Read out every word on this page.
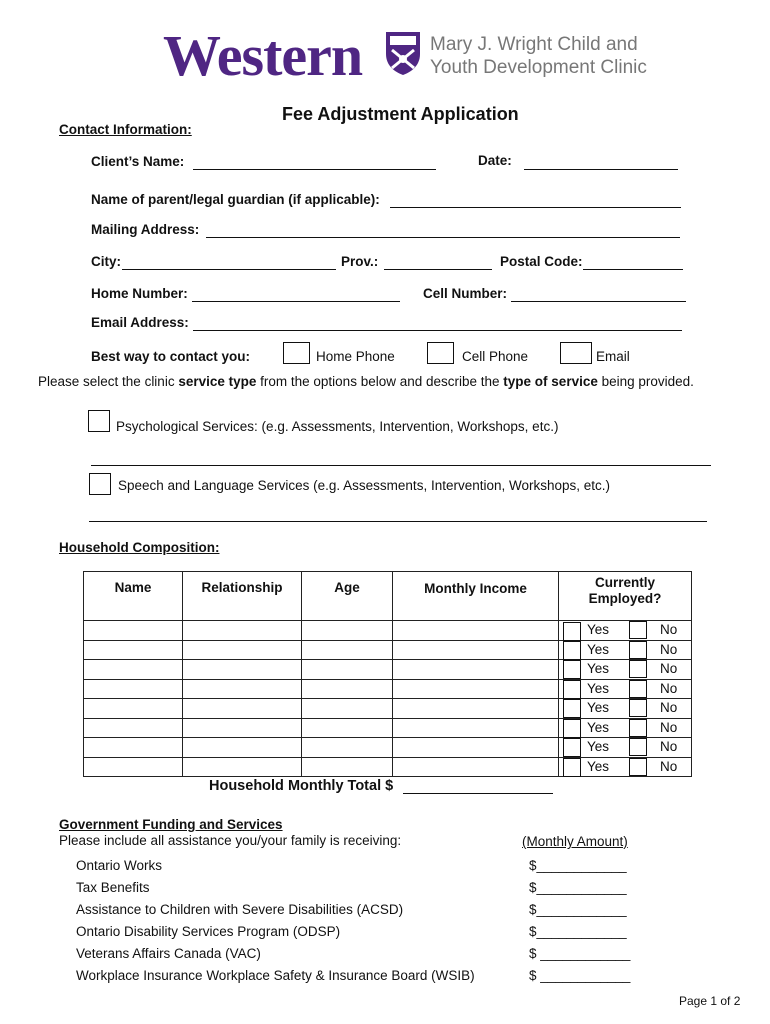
Western	Mary J. Wright Child and Youth Development Clinic
Fee Adjustment Application
Contact Information:
Client’s Name:	Date:
Name of parent/legal guardian (if applicable):
Mailing Address:
City:	Prov.:	Postal Code:
Home Number:	Cell Number:
Email Address:
Best way to contact you:	Home Phone	Cell Phone	Email
Please select the clinic service type from the options below and describe the type of service being provided.
Psychological Services: (e.g. Assessments, Intervention, Workshops, etc.)
Speech and Language Services (e.g. Assessments, Intervention, Workshops, etc.)
Household Composition:
Name	Relationship	Age	Monthly Income	Currently Employed?

				Yes No

				Yes No

				Yes No

				Yes No

				Yes No

				Yes No

				Yes No

				Yes No
Household Monthly Total $
Government Funding and Services
Please include all assistance you/your family is receiving:	(Monthly Amount)
Ontario Works	$____________
Tax Benefits	$____________
Assistance to Children with Severe Disabilities (ACSD)	$____________
Ontario Disability Services Program (ODSP)	$____________
Veterans Affairs Canada (VAC)	$ ____________
Workplace Insurance Workplace Safety & Insurance Board (WSIB)	$ ____________
Page 1 of 2
